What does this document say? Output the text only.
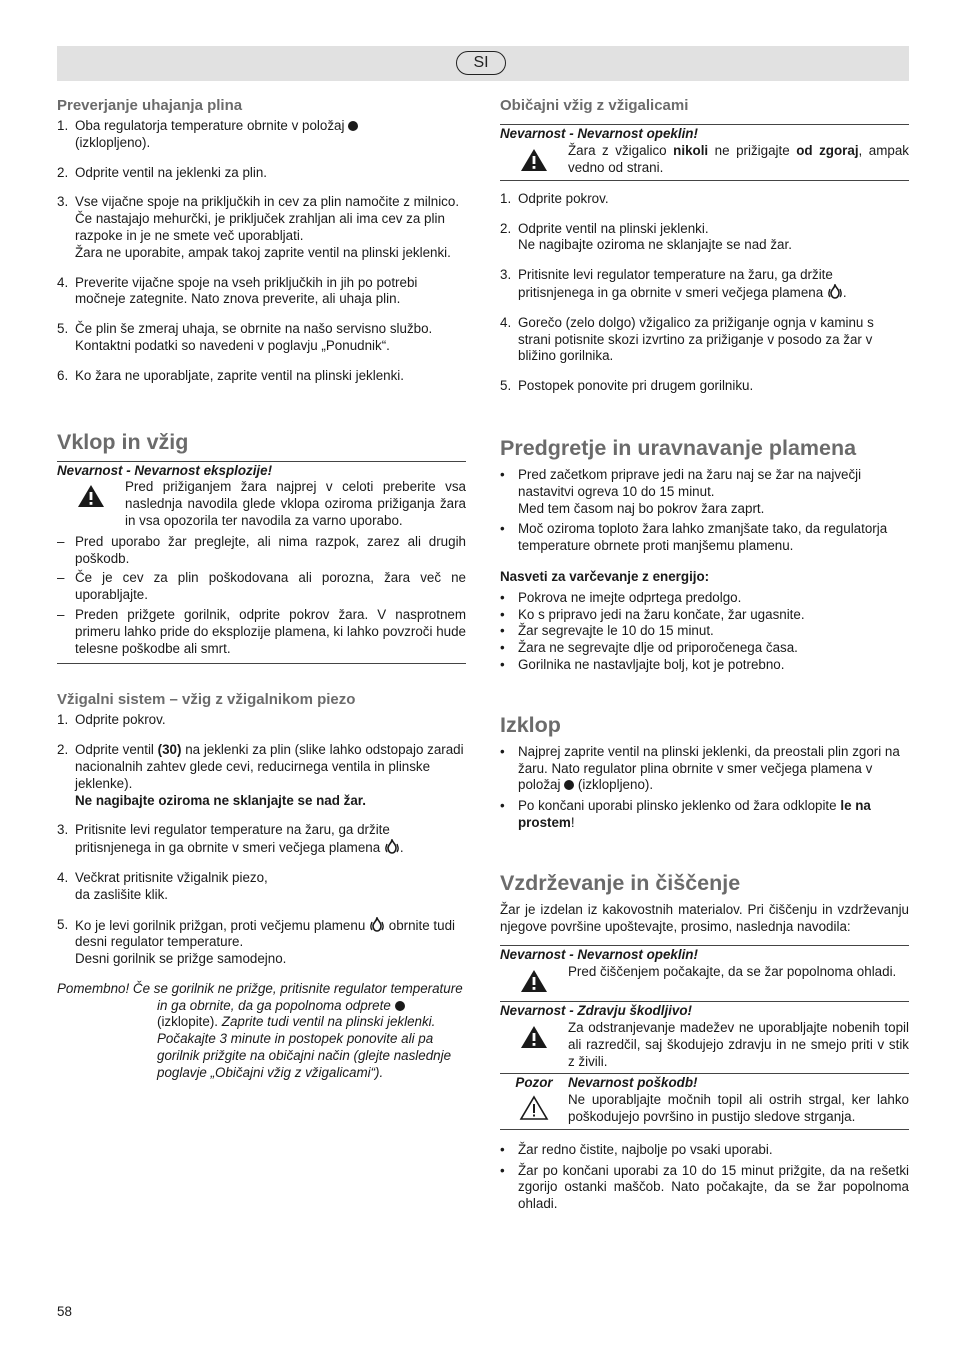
SI
Preverjanje uhajanja plina
1. Oba regulatorja temperature obrnite v položaj
(izklopljeno).
2. Odprite ventil na jeklenki za plin.
3. Vse vijačne spoje na priključkih in cev za plin namočite z milnico. Če nastajajo mehurčki, je priključek zrahljan ali ima cev za plin razpoke in je ne smete več uporabljati.
Žara ne uporabite, ampak takoj zaprite ventil na plinski jeklenki.
4. Preverite vijačne spoje na vseh priključkih in jih po potrebi močneje zategnite. Nato znova preverite, ali uhaja plin.
5. Če plin še zmeraj uhaja, se obrnite na našo servisno službo. Kontaktni podatki so navedeni v poglavju „Ponudnik“.
6. Ko žara ne uporabljate, zaprite ventil na plinski jeklenki.
Vklop in vžig
Nevarnost - Nevarnost eksplozije!
Pred prižiganjem žara najprej v celoti preberite vsa naslednja navodila glede vklopa oziroma prižiganja žara in vsa opozorila ter navodila za varno uporabo.
– Pred uporabo žar preglejte, ali nima razpok, zarez ali drugih poškodb.
– Če je cev za plin poškodovana ali porozna, žara več ne uporabljajte.
– Preden prižgete gorilnik, odprite pokrov žara. V nasprotnem primeru lahko pride do eksplozije plamena, ki lahko povzroči hude telesne poškodbe ali smrt.
Vžigalni sistem – vžig z vžigalnikom piezo
1. Odprite pokrov.
2. Odprite ventil (30) na jeklenki za plin (slike lahko odstopajo zaradi nacionalnih zahtev glede cevi, reducirnega ventila in plinske jeklenke).
Ne nagibajte oziroma ne sklanjajte se nad žar.
3. Pritisnite levi regulator temperature na žaru, ga držite pritisnjenega in ga obrnite v smeri večjega plamena .
4. Večkrat pritisnite vžigalnik piezo,
da zaslišite klik.
5. Ko je levi gorilnik prižgan, proti večjemu plamenu obrnite tudi desni regulator temperature.
Desni gorilnik se prižge samodejno.
Pomembno! Če se gorilnik ne prižge, pritisnite regulator temperature in ga obrnite, da ga popolnoma odprete  (izklopite). Zaprite tudi ventil na plinski jeklenki. Počakajte 3 minute in postopek ponovite ali pa gorilnik prižgite na običajni način (glejte naslednje poglavje „Običajni vžig z vžigalicami“).
Običajni vžig z vžigalicami
Nevarnost - Nevarnost opeklin!
Žara z vžigalico nikoli ne prižigajte od zgoraj, ampak vedno od strani.
1. Odprite pokrov.
2. Odprite ventil na plinski jeklenki.
Ne nagibajte oziroma ne sklanjajte se nad žar.
3. Pritisnite levi regulator temperature na žaru, ga držite pritisnjenega in ga obrnite v smeri večjega plamena .
4. Gorečo (zelo dolgo) vžigalico za prižiganje ognja v kaminu s strani potisnite skozi izvrtino za prižiganje v posodo za žar v bližino gorilnika.
5. Postopek ponovite pri drugem gorilniku.
Predgretje in uravnavanje plamena
• Pred začetkom priprave jedi na žaru naj se žar na največji nastavitvi ogreva 10 do 15 minut.
Med tem časom naj bo pokrov žara zaprt.
• Moč oziroma toploto žara lahko zmanjšate tako, da regulatorja temperature obrnete proti manjšemu plamenu.
Nasveti za varčevanje z energijo:
• Pokrova ne imejte odprtega predolgo.
• Ko s pripravo jedi na žaru končate, žar ugasnite.
• Žar segrevajte le 10 do 15 minut.
• Žara ne segrevajte dlje od priporočenega časa.
• Gorilnika ne nastavljajte bolj, kot je potrebno.
Izklop
• Najprej zaprite ventil na plinski jeklenki, da preostali plin zgori na žaru. Nato regulator plina obrnite v smer večjega plamena v položaj (izklopljeno).
• Po končani uporabi plinsko jeklenko od žara odklopite le na prostem!
Vzdrževanje in čiščenje
Žar je izdelan iz kakovostnih materialov. Pri čiščenju in vzdrževanju njegove površine upoštevajte, prosimo, naslednja navodila:
Nevarnost - Nevarnost opeklin!
Pred čiščenjem počakajte, da se žar popolnoma ohladi.
Nevarnost - Zdravju škodljivo!
Za odstranjevanje madežev ne uporabljajte nobenih topil ali razredčil, saj škodujejo zdravju in ne smejo priti v stik z živili.
Pozor	Nevarnost poškodb!
Ne uporabljajte močnih topil ali ostrih strgal, ker lahko poškodujejo površino in pustijo sledove strganja.
• Žar redno čistite, najbolje po vsaki uporabi.
• Žar po končani uporabi za 10 do 15 minut prižgite, da na rešetki zgorijo ostanki maščob. Nato počakajte, da se žar popolnoma ohladi.
58
